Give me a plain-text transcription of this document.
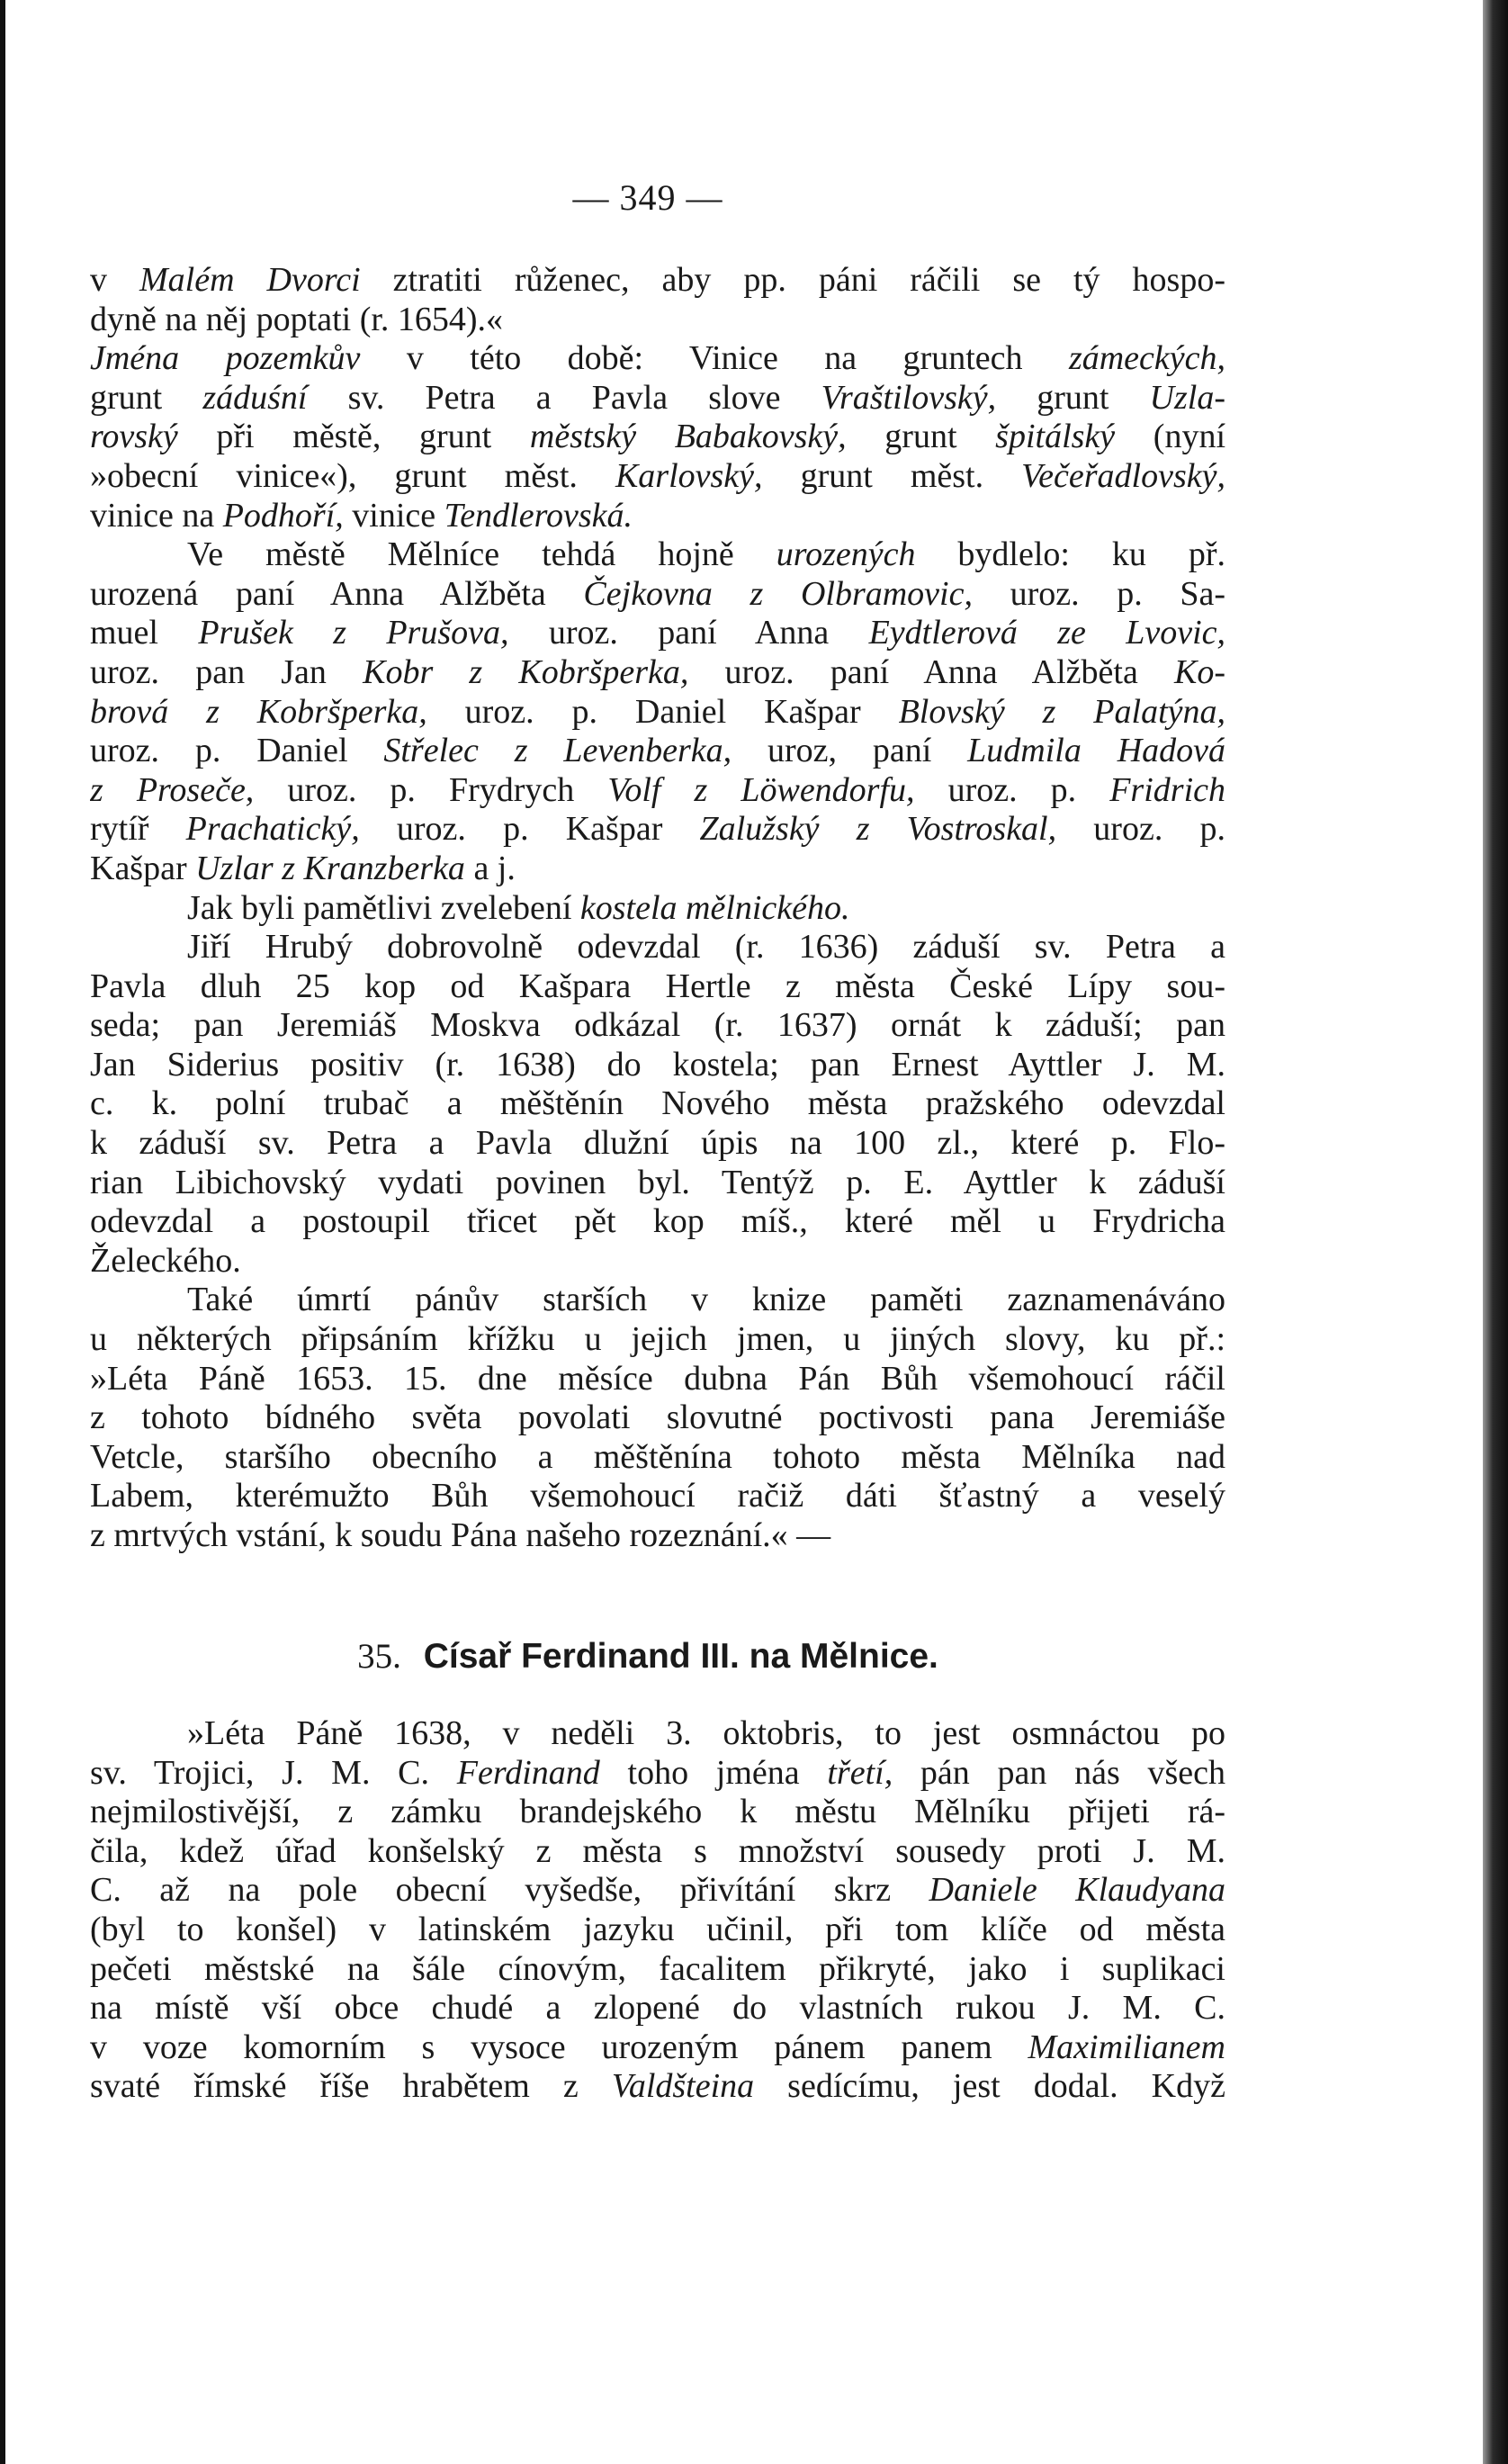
— 349 —
v Malém Dvorci ztratiti růženec, aby pp. páni ráčili se tý hospo-
dyně na něj poptati (r. 1654).«
Jména pozemkův v této době: Vinice na gruntech zámeckých,
grunt záduśní sv. Petra a Pavla slove Vraštilovský, grunt Uzla-
rovský při městě, grunt městský Babakovský, grunt špitálský (nyní
»obecní vinice«), grunt měst. Karlovský, grunt měst. Večeřadlovský,
vinice na Podhoří, vinice Tendlerovská.
Ve městě Mělníce tehdá hojně urozených bydlelo: ku př.
urozená paní Anna Alžběta Čejkovna z Olbramovic, uroz. p. Sa-
muel Prušek z Prušova, uroz. paní Anna Eydtlerová ze Lvovic,
uroz. pan Jan Kobr z Kobršperka, uroz. paní Anna Alžběta Ko-
brová z Kobršperka, uroz. p. Daniel Kašpar Blovský z Palatýna,
uroz. p. Daniel Střelec z Levenberka, uroz, paní Ludmila Hadová
z Proseče, uroz. p. Frydrych Volf z Löwendorfu, uroz. p. Fridrich
rytíř Prachatický, uroz. p. Kašpar Zalužský z Vostroskal, uroz. p.
Kašpar Uzlar z Kranzberka a j.
Jak byli pamětlivi zvelebení kostela mělnického.
Jiří Hrubý dobrovolně odevzdal (r. 1636) záduší sv. Petra a
Pavla dluh 25 kop od Kašpara Hertle z města České Lípy sou-
seda; pan Jeremiáš Moskva odkázal (r. 1637) ornát k záduší; pan
Jan Siderius positiv (r. 1638) do kostela; pan Ernest Ayttler J. M.
c. k. polní trubač a měštěnín Nového města pražského odevzdal
k záduší sv. Petra a Pavla dlužní úpis na 100 zl., které p. Flo-
rian Libichovský vydati povinen byl. Tentýž p. E. Ayttler k záduší
odevzdal a postoupil třicet pět kop míš., které měl u Frydricha
Želeckého.
Také úmrtí pánův starších v knize paměti zaznamenáváno
u některých připsáním křížku u jejich jmen, u jiných slovy, ku př.:
»Léta Páně 1653. 15. dne měsíce dubna Pán Bůh všemohoucí ráčil
z tohoto bídného světa povolati slovutné poctivosti pana Jeremiáše
Vetcle, staršího obecního a měštěnína tohoto města Mělníka nad
Labem, kterémužto Bůh všemohoucí račiž dáti šťastný a veselý
z mrtvých vstání, k soudu Pána našeho rozeznání.« —
35. Císař Ferdinand III. na Mělnice.
»Léta Páně 1638, v neděli 3. oktobris, to jest osmnáctou po
sv. Trojici, J. M. C. Ferdinand toho jména třetí, pán pan nás všech
nejmilostivější, z zámku brandejského k městu Mělníku přijeti rá-
čila, kdež úřad konšelský z města s množství sousedy proti J. M.
C. až na pole obecní vyšedše, přivítání skrz Daniele Klaudyana
(byl to konšel) v latinském jazyku učinil, při tom klíče od města
pečeti městské na šále cínovým, facalitem přikryté, jako i suplikaci
na místě vší obce chudé a zlopené do vlastních rukou J. M. C.
v voze komorním s vysoce urozeným pánem panem Maximilianem
svaté římské říše hrabětem z Valdšteina sedícímu, jest dodal. Když
